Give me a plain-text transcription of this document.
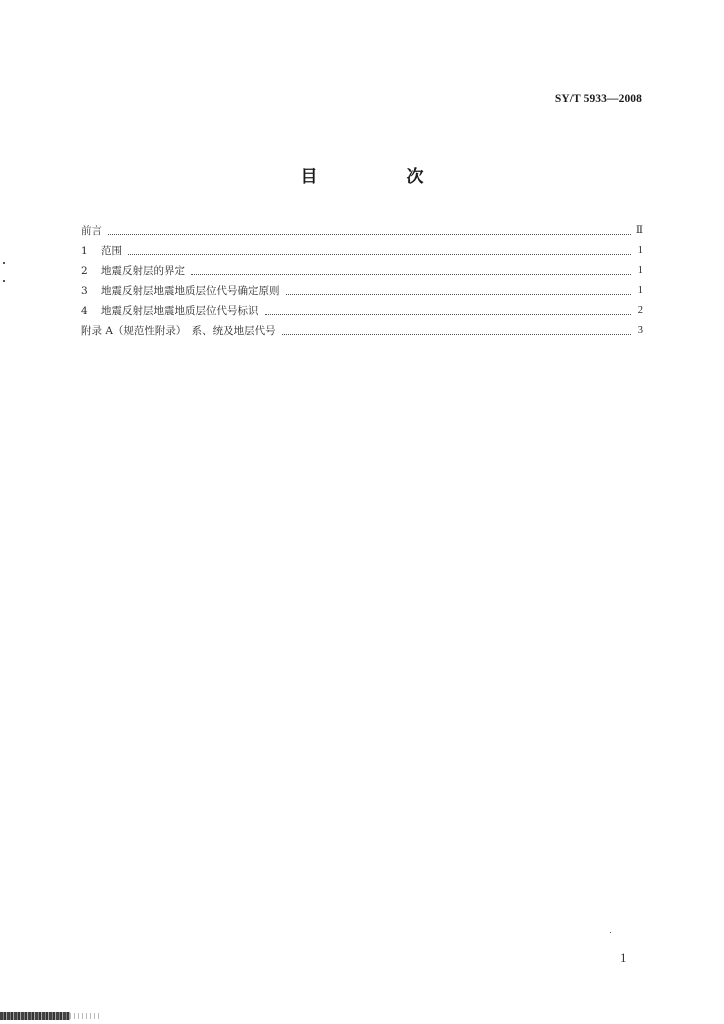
SY/T 5933—2008
目　次
前言	Ⅱ
1	范围	1
2	地震反射层的界定	1
3	地震反射层地震地质层位代号确定原则	1
4	地震反射层地震地质层位代号标识	2
附录 A（规范性附录）　系、统及地层代号	3
1
